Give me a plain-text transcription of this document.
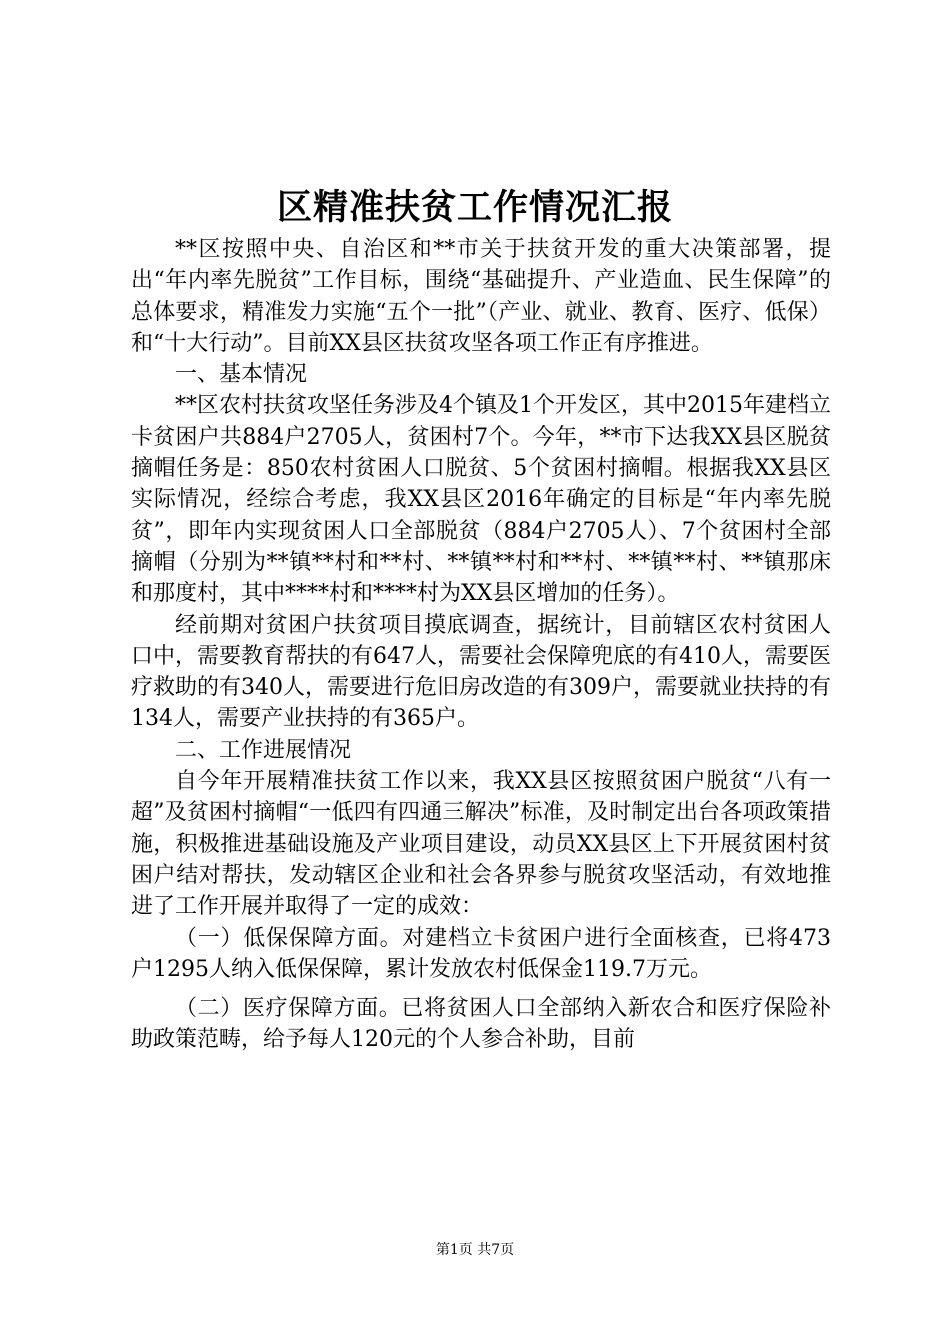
区精准扶贫工作情况汇报

**区按照中央、自治区和**市关于扶贫开发的重大决策部署，提出“年内率先脱贫”工作目标，围绕“基础提升、产业造血、民生保障”的总体要求，精准发力实施“五个一批”（产业、就业、教育、医疗、低保）和“十大行动”。目前XX县区扶贫攻坚各项工作正有序推进。

一、基本情况

**区农村扶贫攻坚任务涉及4个镇及1个开发区，其中2015年建档立卡贫困户共884户2705人，贫困村7个。今年，**市下达我XX县区脱贫摘帽任务是：850农村贫困人口脱贫、5个贫困村摘帽。根据我XX县区实际情况，经综合考虑，我XX县区2016年确定的目标是“年内率先脱贫”，即年内实现贫困人口全部脱贫（884户2705人）、7个贫困村全部摘帽（分别为**镇**村和**村、**镇**村和**村、**镇**村、**镇那床和那度村，其中****村和****村为XX县区增加的任务）。

经前期对贫困户扶贫项目摸底调查，据统计，目前辖区农村贫困人口中，需要教育帮扶的有647人，需要社会保障兜底的有410人，需要医疗救助的有340人，需要进行危旧房改造的有309户，需要就业扶持的有134人，需要产业扶持的有365户。

二、工作进展情况

自今年开展精准扶贫工作以来，我XX县区按照贫困户脱贫“八有一超”及贫困村摘帽“一低四有四通三解决”标准，及时制定出台各项政策措施，积极推进基础设施及产业项目建设，动员XX县区上下开展贫困村贫困户结对帮扶，发动辖区企业和社会各界参与脱贫攻坚活动，有效地推进了工作开展并取得了一定的成效：

（一）低保保障方面。对建档立卡贫困户进行全面核查，已将473户1295人纳入低保保障，累计发放农村低保金119.7万元。

（二）医疗保障方面。已将贫困人口全部纳入新农合和医疗保险补助政策范畴，给予每人120元的个人参合补助，目前

第1页 共7页
